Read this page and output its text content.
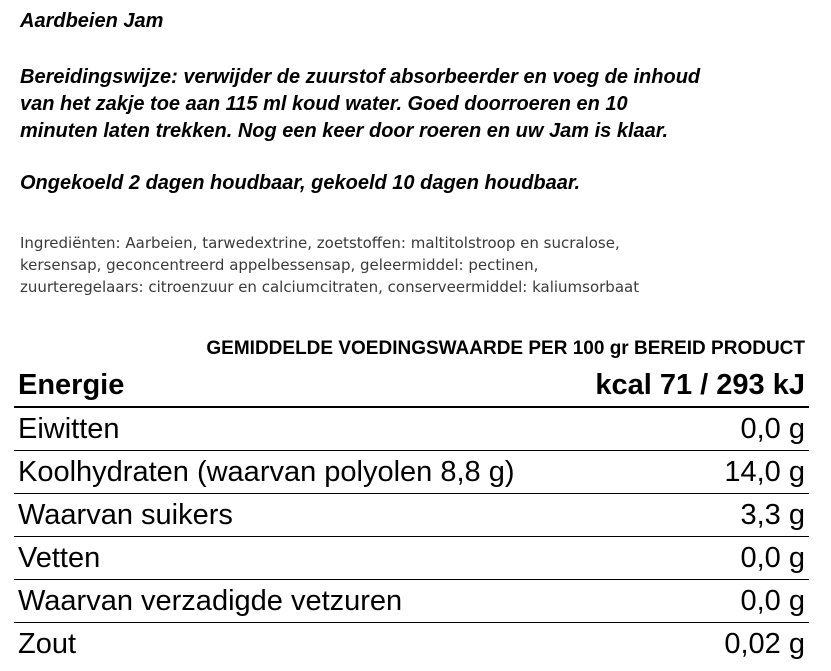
Aardbeien Jam
Bereidingswijze: verwijder de zuurstof absorbeerder en voeg de inhoud
van het zakje toe aan 115 ml koud water. Goed doorroeren en 10
minuten laten trekken. Nog een keer door roeren en uw Jam is klaar.
Ongekoeld 2 dagen houdbaar, gekoeld 10 dagen houdbaar.
Ingrediënten: Aarbeien, tarwedextrine, zoetstoffen: maltitolstroop en sucralose,
kersensap, geconcentreerd appelbessensap, geleermiddel: pectinen,
zuurteregelaars: citroenzuur en calciumcitraten, conserveermiddel: kaliumsorbaat
GEMIDDELDE VOEDINGSWAARDE PER 100 gr BEREID PRODUCT
Energie	kcal 71 / 293 kJ
Eiwitten	0,0 g
Koolhydraten (waarvan polyolen 8,8 g)	14,0 g
Waarvan suikers	3,3 g
Vetten	0,0 g
Waarvan verzadigde vetzuren	0,0 g
Zout	0,02 g
